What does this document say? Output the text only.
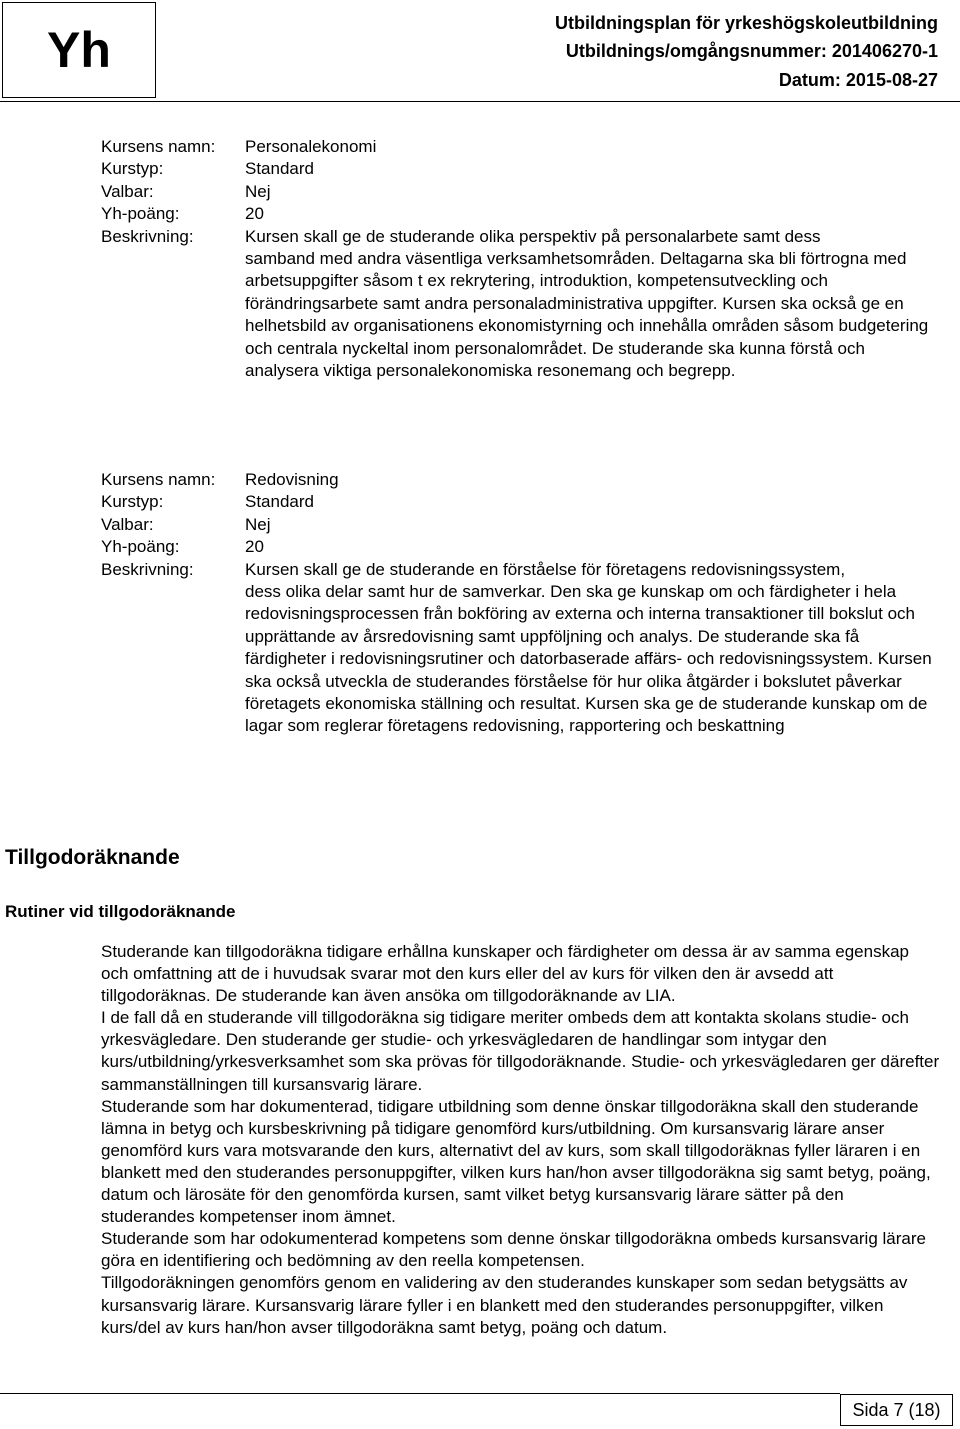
Yh	Utbildningsplan för yrkeshögskoleutbildning
Utbildnings/omgångsnummer: 201406270-1
Datum: 2015-08-27
Kursens namn:	Personalekonomi
Kurstyp:	Standard
Valbar:	Nej
Yh-poäng:	20
Beskrivning:	Kursen skall ge de studerande olika perspektiv på personalarbete samt dess
samband med andra väsentliga verksamhetsområden. Deltagarna ska bli förtrogna med arbetsuppgifter såsom t ex rekrytering, introduktion, kompetensutveckling och förändringsarbete samt andra personaladministrativa uppgifter. Kursen ska också ge en helhetsbild av organisationens ekonomistyrning och innehålla områden såsom budgetering och centrala nyckeltal inom personalområdet. De studerande ska kunna förstå och analysera viktiga personalekonomiska resonemang och begrepp.
Kursens namn:	Redovisning
Kurstyp:	Standard
Valbar:	Nej
Yh-poäng:	20
Beskrivning:	Kursen skall ge de studerande en förståelse för företagens redovisningssystem,
dess olika delar samt hur de samverkar. Den ska ge kunskap om och färdigheter i hela redovisningsprocessen från bokföring av externa och interna transaktioner till bokslut och upprättande av årsredovisning samt uppföljning och analys. De studerande ska få färdigheter i redovisningsrutiner och datorbaserade affärs- och redovisningssystem. Kursen ska också utveckla de studerandes förståelse för hur olika åtgärder i bokslutet påverkar företagets ekonomiska ställning och resultat. Kursen ska ge de studerande kunskap om de lagar som reglerar företagens redovisning, rapportering och beskattning
Tillgodoräknande
Rutiner vid tillgodoräknande
Studerande kan tillgodoräkna tidigare erhållna kunskaper och färdigheter om dessa är av samma egenskap och omfattning att de i huvudsak svarar mot den kurs eller del av kurs för vilken den är avsedd att tillgodoräknas. De studerande kan även ansöka om tillgodoräknande av LIA.
I de fall då en studerande vill tillgodoräkna sig tidigare meriter ombeds dem att kontakta skolans studie- och yrkesvägledare. Den studerande ger studie- och yrkesvägledaren de handlingar som intygar den kurs/utbildning/yrkesverksamhet som ska prövas för tillgodoräknande. Studie- och yrkesvägledaren ger därefter sammanställningen till kursansvarig lärare.
Studerande som har dokumenterad, tidigare utbildning som denne önskar tillgodoräkna skall den studerande lämna in betyg och kursbeskrivning på tidigare genomförd kurs/utbildning. Om kursansvarig lärare anser genomförd kurs vara motsvarande den kurs, alternativt del av kurs, som skall tillgodoräknas fyller läraren i en blankett med den studerandes personuppgifter, vilken kurs han/hon avser tillgodoräkna sig samt betyg, poäng, datum och lärosäte för den genomförda kursen, samt vilket betyg kursansvarig lärare sätter på den studerandes kompetenser inom ämnet.
Studerande som har odokumenterad kompetens som denne önskar tillgodoräkna ombeds kursansvarig lärare göra en identifiering och bedömning av den reella kompetensen.
Tillgodoräkningen genomförs genom en validering av den studerandes kunskaper som sedan betygsätts av kursansvarig lärare. Kursansvarig lärare fyller i en blankett med den studerandes personuppgifter, vilken kurs/del av kurs han/hon avser tillgodoräkna samt betyg, poäng och datum.
Sida 7 (18)
